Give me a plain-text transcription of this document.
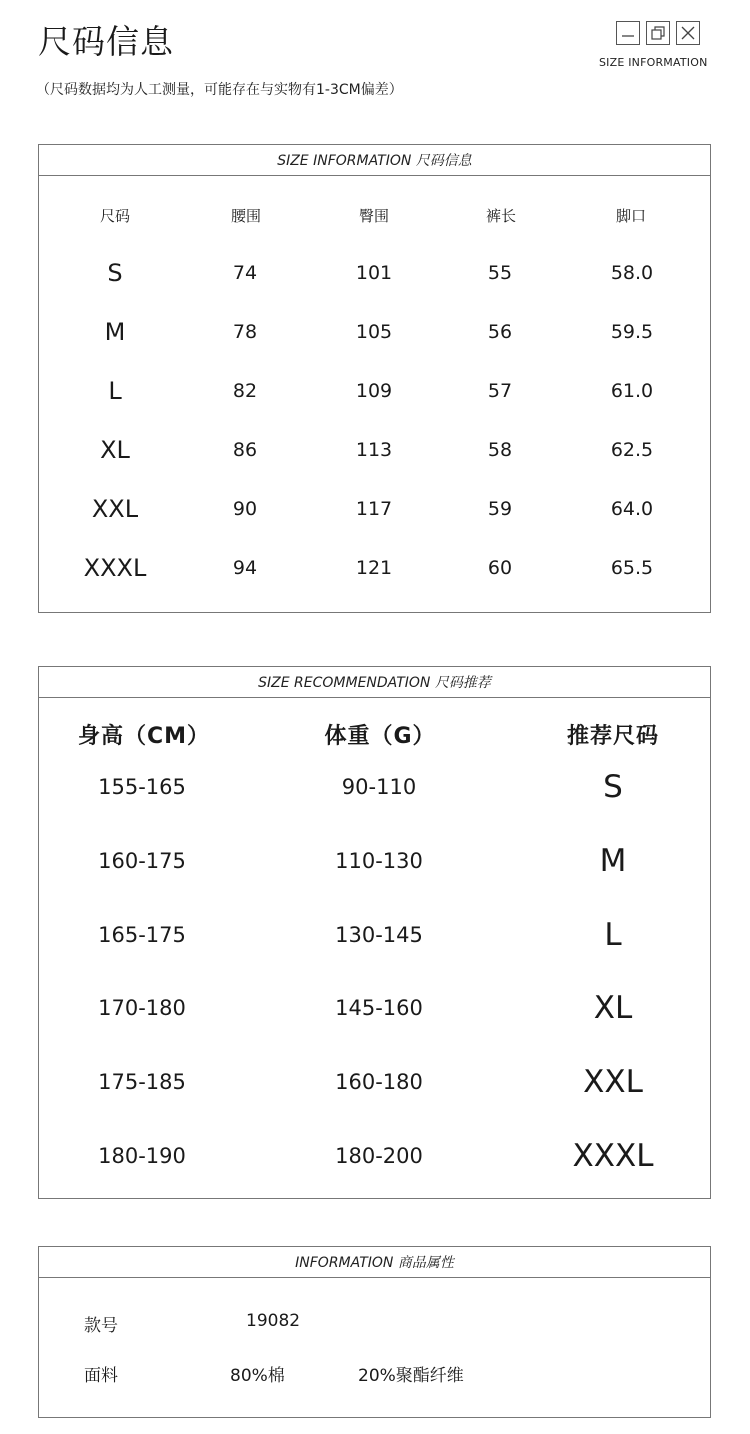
尺码信息
（尺码数据均为人工测量，可能存在与实物有1-3CM偏差）
SIZE INFORMATION
SIZE INFORMATION 尺码信息
尺码	腰围	臀围	裤长	脚口
S	74	101	55	58.0
M	78	105	56	59.5
L	82	109	57	61.0
XL	86	113	58	62.5
XXL	90	117	59	64.0
XXXL	94	121	60	65.5
SIZE RECOMMENDATION 尺码推荐
身高（CM）	体重（G）	推荐尺码
155-165	90-110	S
160-175	110-130	M
165-175	130-145	L
170-180	145-160	XL
175-185	160-180	XXL
180-190	180-200	XXXL
INFORMATION 商品属性
款号	19082
面料	80%棉	20%聚酯纤维
